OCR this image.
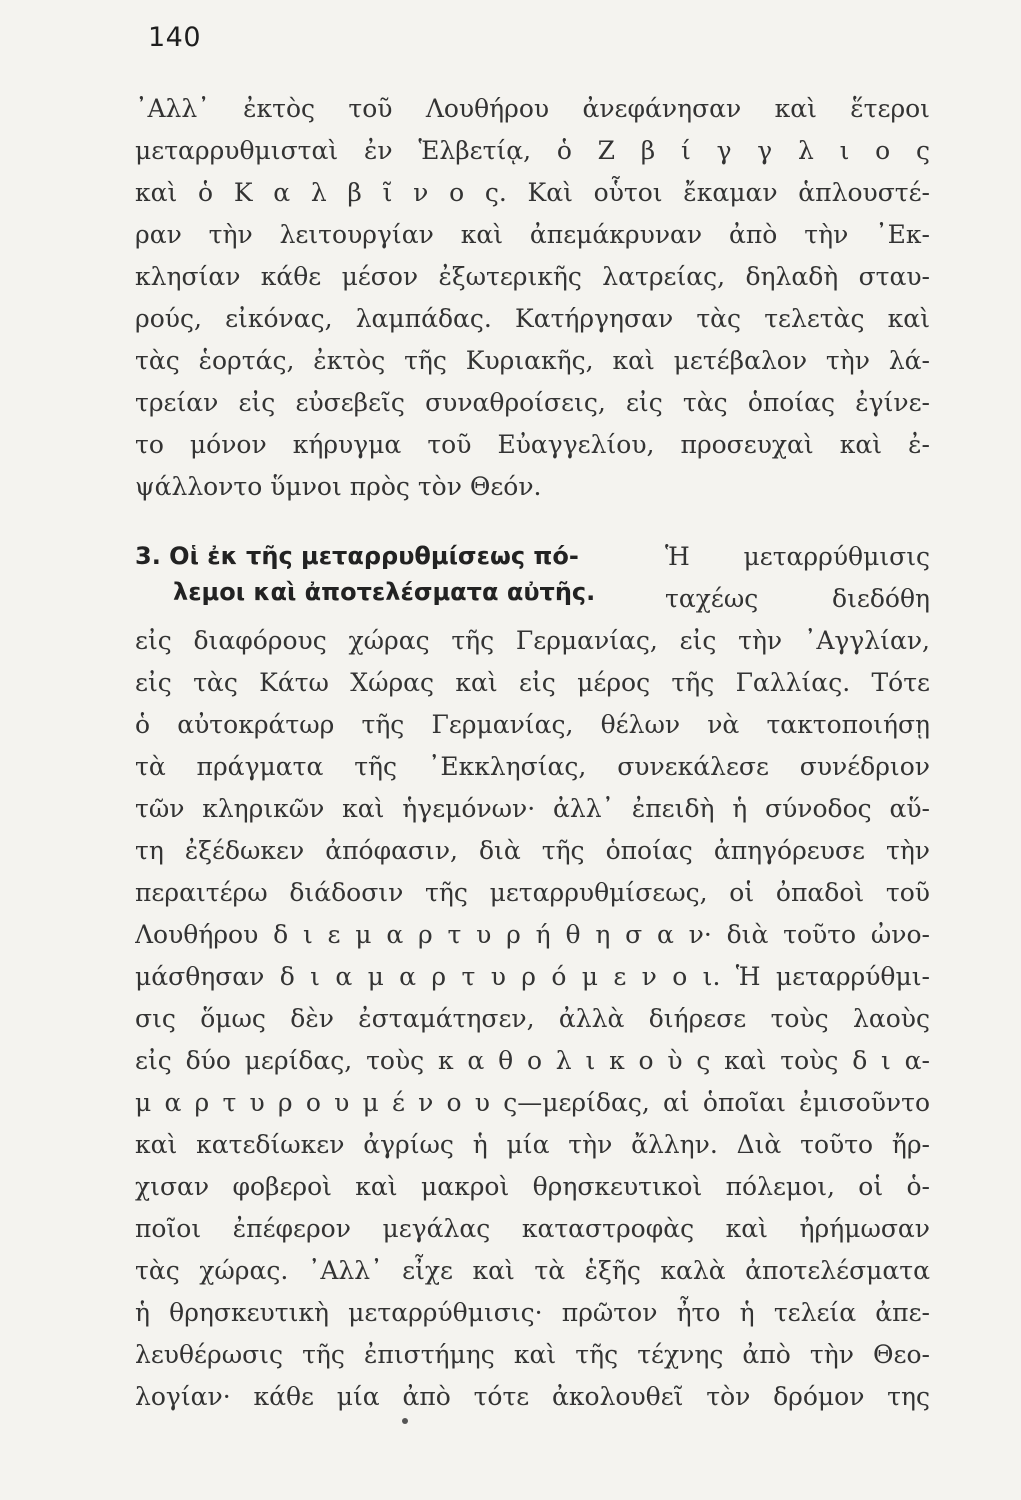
140
᾿Αλλ᾿ ἐκτὸς τοῦ Λουθήρου ἀνεφάνησαν καὶ ἕτεροι
μεταρρυθμισταὶ ἐν Ἑλβετίᾳ, ὁ Ζ β ί γ γ λ ι ο ς
καὶ ὁ Κ α λ β ῖ ν ο ς. Καὶ οὗτοι ἔκαμαν ἁπλουστέ-
ραν τὴν λειτουργίαν καὶ ἀπεμάκρυναν ἀπὸ τὴν ᾿Εκ-
κλησίαν κάθε μέσον ἐξωτερικῆς λατρείας, δηλαδὴ σταυ-
ρούς, εἰκόνας, λαμπάδας. Κατήργησαν τὰς τελετὰς καὶ
τὰς ἑορτάς, ἐκτὸς τῆς Κυριακῆς, καὶ μετέβαλον τὴν λά-
τρείαν εἰς εὐσεβεῖς συναθροίσεις, εἰς τὰς ὁποίας ἐγίνε-
το μόνον κήρυγμα τοῦ Εὐαγγελίου, προσευχαὶ καὶ ἐ-
ψάλλοντο ὕμνοι πρὸς τὸν Θεόν.
3. Οἱ ἐκ τῆς μεταρρυθμίσεως πό-
λεμοι καὶ ἀποτελέσματα αὐτῆς.
Ἡ μεταρρύθμισις
ταχέως διεδόθη
εἰς διαφόρους χώρας τῆς Γερμανίας, εἰς τὴν ᾿Αγγλίαν,
εἰς τὰς Κάτω Χώρας καὶ εἰς μέρος τῆς Γαλλίας. Τότε
ὁ αὐτοκράτωρ τῆς Γερμανίας, θέλων νὰ τακτοποιήσῃ
τὰ πράγματα τῆς ᾿Εκκλησίας, συνεκάλεσε συνέδριον
τῶν κληρικῶν καὶ ἡγεμόνων· ἀλλ᾿ ἐπειδὴ ἡ σύνοδος αὕ-
τη ἐξέδωκεν ἀπόφασιν, διὰ τῆς ὁποίας ἀπηγόρευσε τὴν
περαιτέρω διάδοσιν τῆς μεταρρυθμίσεως, οἱ ὀπαδοὶ τοῦ
Λουθήρου δ ι ε μ α ρ τ υ ρ ή θ η σ α ν· διὰ τοῦτο ὠνο-
μάσθησαν δ ι α μ α ρ τ υ ρ ό μ ε ν ο ι. Ἡ μεταρρύθμι-
σις ὅμως δὲν ἐσταμάτησεν, ἀλλὰ διήρεσε τοὺς λαοὺς
εἰς δύο μερίδας, τοὺς κ α θ ο λ ι κ ο ὺ ς καὶ τοὺς δ ι α-
μ α ρ τ υ ρ ο υ μ έ ν ο υ ς—μερίδας, αἱ ὁποῖαι ἐμισοῦντο
καὶ κατεδίωκεν ἀγρίως ἡ μία τὴν ἄλλην. Διὰ τοῦτο ἤρ-
χισαν φοβεροὶ καὶ μακροὶ θρησκευτικοὶ πόλεμοι, οἱ ὁ-
ποῖοι ἐπέφερον μεγάλας καταστροφὰς καὶ ἠρήμωσαν
τὰς χώρας. ᾿Αλλ᾿ εἶχε καὶ τὰ ἑξῆς καλὰ ἀποτελέσματα
ἡ θρησκευτικὴ μεταρρύθμισις· πρῶτον ἦτο ἡ τελεία ἀπε-
λευθέρωσις τῆς ἐπιστήμης καὶ τῆς τέχνης ἀπὸ τὴν Θεο-
λογίαν· κάθε μία ἀπὸ τότε ἀκολουθεῖ τὸν δρόμον της
